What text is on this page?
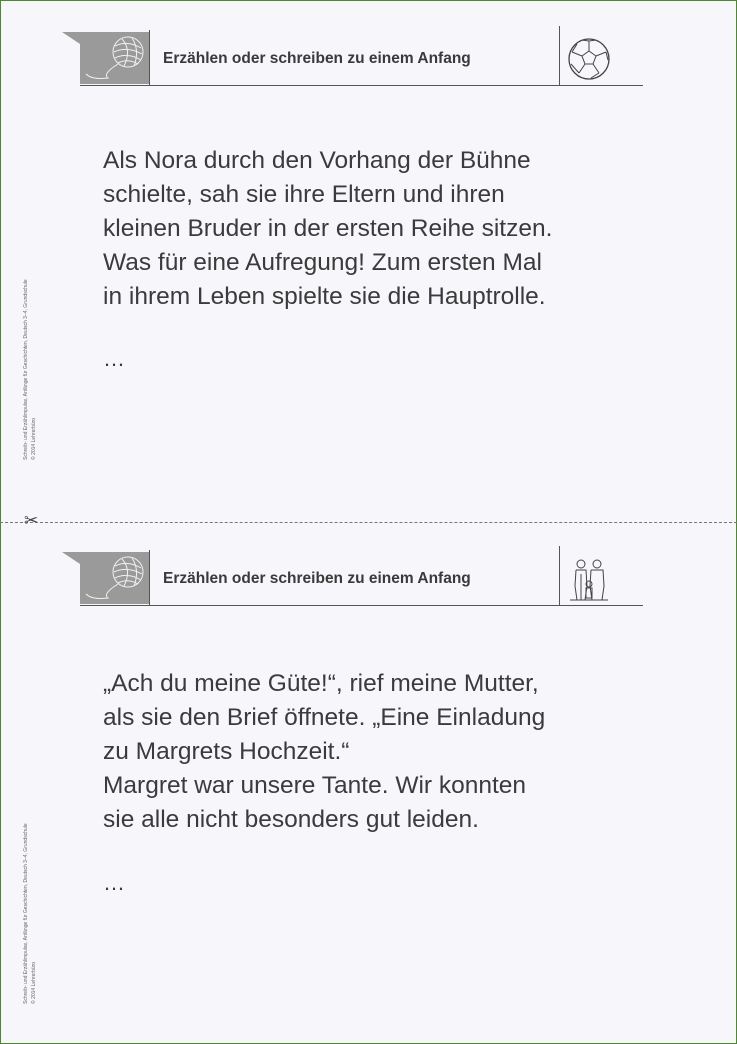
Erzählen oder schreiben zu einem Anfang

Als Nora durch den Vorhang der Bühne

schielte, sah sie ihre Eltern und ihren

kleinen Bruder in der ersten Reihe sitzen.

Was für eine Aufregung! Zum ersten Mal

in ihrem Leben spielte sie die Hauptrolle.

…
Schreib- und Erzählimpulse, Anfänge für Geschichten, Deutsch 3–4, Grundschule © 2014 Lehrerbüro
✂
Erzählen oder schreiben zu einem Anfang

„Ach du meine Güte!“, rief meine Mutter,

als sie den Brief öffnete. „Eine Einladung

zu Margrets Hochzeit.“

Margret war unsere Tante. Wir konnten

sie alle nicht besonders gut leiden.

…
Schreib- und Erzählimpulse, Anfänge für Geschichten, Deutsch 3–4, Grundschule © 2014 Lehrerbüro
